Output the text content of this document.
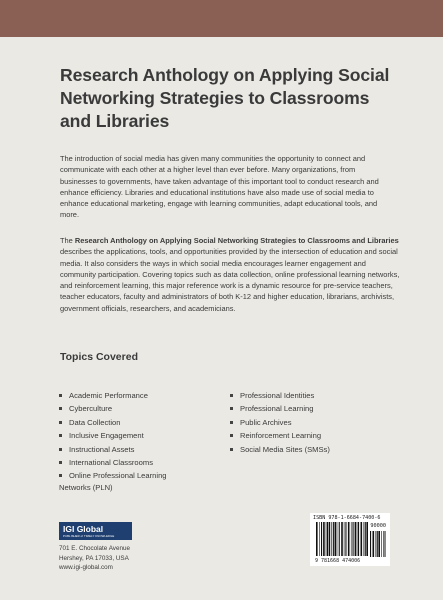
Research Anthology on Applying Social Networking Strategies to Classrooms and Libraries

The introduction of social media has given many communities the opportunity to connect and communicate with each other at a higher level than ever before. Many organizations, from businesses to governments, have taken advantage of this important tool to conduct research and enhance efficiency. Libraries and educational institutions have also made use of social media to enhance educational marketing, engage with learning communities, adapt educational tools, and more.

The Research Anthology on Applying Social Networking Strategies to Classrooms and Libraries describes the applications, tools, and opportunities provided by the intersection of education and social media. It also considers the ways in which social media encourages learner engagement and community participation. Covering topics such as data collection, online professional learning networks, and reinforcement learning, this major reference work is a dynamic resource for pre-service teachers, teacher educators, faculty and administrators of both K-12 and higher education, librarians, archivists, government officials, researchers, and academicians.

Topics Covered
Academic Performance
Cyberculture
Data Collection
Inclusive Engagement
Instructional Assets
International Classrooms
Online Professional Learning

Networks (PLN)

Professional Identities
Professional Learning
Public Archives
Reinforcement Learning
Social Media Sites (SMSs)
IGI Global
PUBLISHER of TIMELY KNOWLEDGE
701 E. Chocolate Avenue
Hershey, PA 17033, USA
www.igi-global.com
ISBN 978-1-6684-7400-6
90000
9 781668 474006
